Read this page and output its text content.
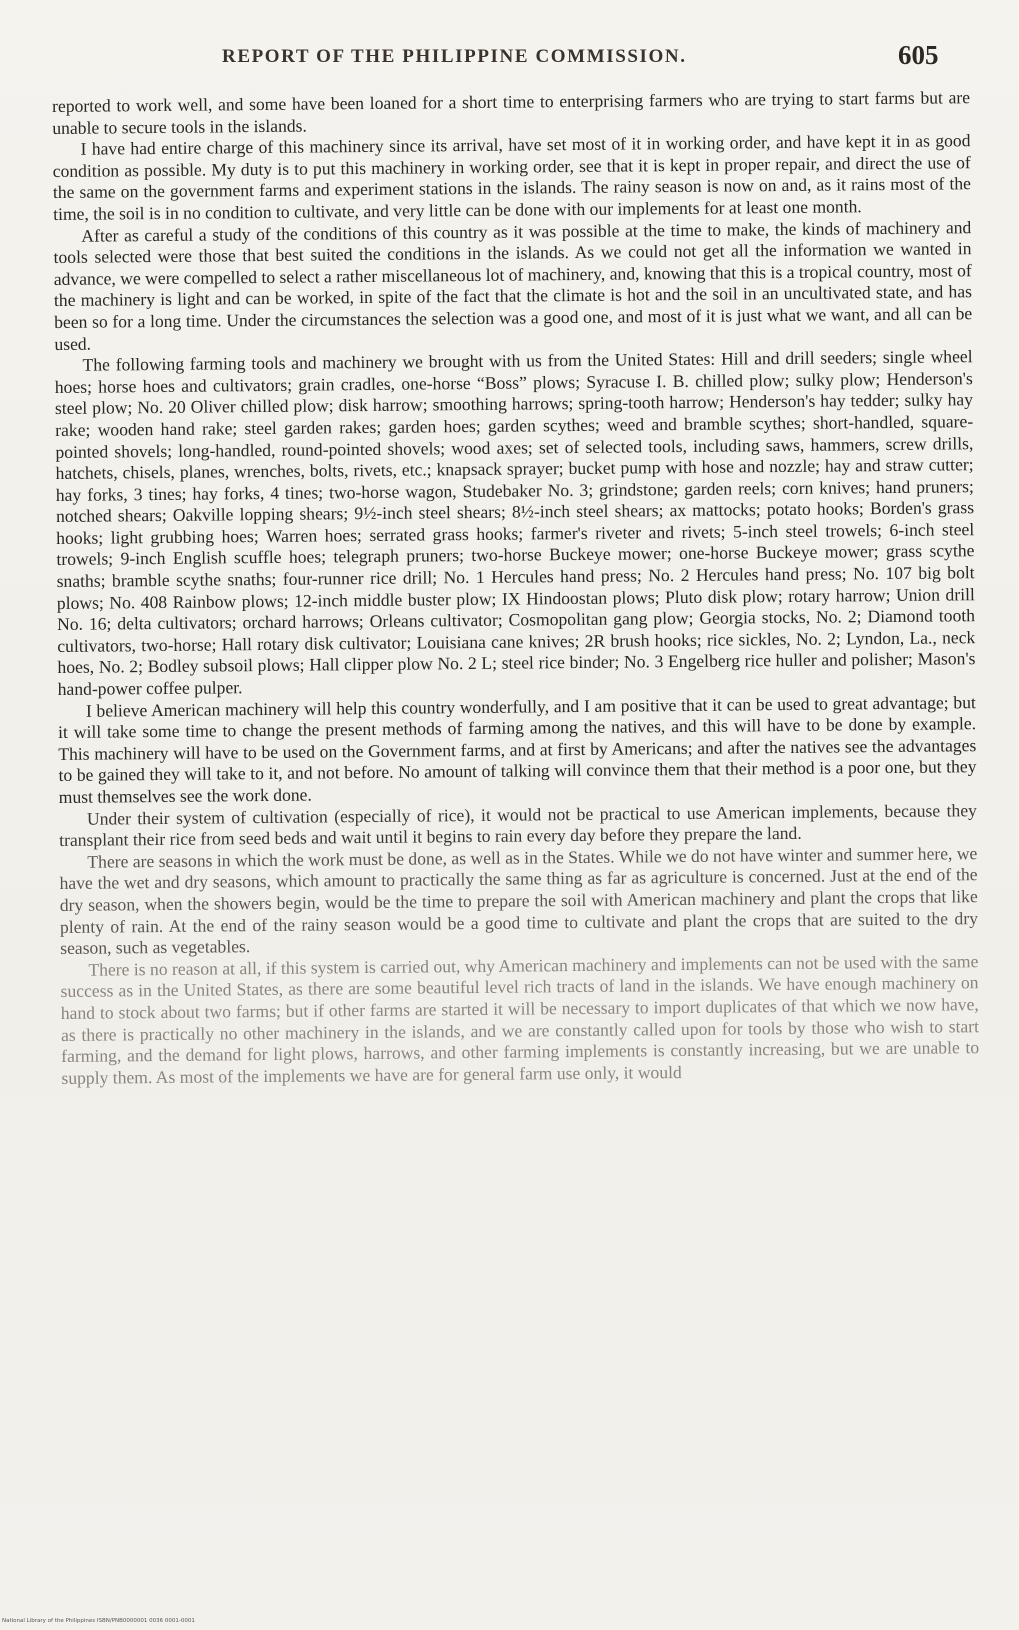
REPORT OF THE PHILIPPINE COMMISSION.	605

reported to work well, and some have been loaned for a short time to enterprising farmers who are trying to start farms but are unable to secure tools in the islands.

I have had entire charge of this machinery since its arrival, have set most of it in working order, and have kept it in as good condition as possible. My duty is to put this machinery in working order, see that it is kept in proper repair, and direct the use of the same on the government farms and experiment stations in the islands. The rainy season is now on and, as it rains most of the time, the soil is in no condition to cultivate, and very little can be done with our implements for at least one month.

After as careful a study of the conditions of this country as it was possible at the time to make, the kinds of machinery and tools selected were those that best suited the conditions in the islands. As we could not get all the information we wanted in advance, we were compelled to select a rather miscellaneous lot of machinery, and, knowing that this is a tropical country, most of the machinery is light and can be worked, in spite of the fact that the climate is hot and the soil in an uncultivated state, and has been so for a long time. Under the circumstances the selection was a good one, and most of it is just what we want, and all can be used.

The following farming tools and machinery we brought with us from the United States: Hill and drill seeders; single wheel hoes; horse hoes and cultivators; grain cradles, one-horse “Boss” plows; Syracuse I. B. chilled plow; sulky plow; Henderson's steel plow; No. 20 Oliver chilled plow; disk harrow; smoothing harrows; spring-tooth harrow; Henderson's hay tedder; sulky hay rake; wooden hand rake; steel garden rakes; garden hoes; garden scythes; weed and bramble scythes; short-handled, square-pointed shovels; long-handled, round-pointed shovels; wood axes; set of selected tools, including saws, hammers, screw drills, hatchets, chisels, planes, wrenches, bolts, rivets, etc.; knapsack sprayer; bucket pump with hose and nozzle; hay and straw cutter; hay forks, 3 tines; hay forks, 4 tines; two-horse wagon, Studebaker No. 3; grindstone; garden reels; corn knives; hand pruners; notched shears; Oakville lopping shears; 9½-inch steel shears; 8½-inch steel shears; ax mattocks; potato hooks; Borden's grass hooks; light grubbing hoes; Warren hoes; serrated grass hooks; farmer's riveter and rivets; 5-inch steel trowels; 6-inch steel trowels; 9-inch English scuffle hoes; telegraph pruners; two-horse Buckeye mower; one-horse Buckeye mower; grass scythe snaths; bramble scythe snaths; four-runner rice drill; No. 1 Hercules hand press; No. 2 Hercules hand press; No. 107 big bolt plows; No. 408 Rainbow plows; 12-inch middle buster plow; IX Hindoostan plows; Pluto disk plow; rotary harrow; Union drill No. 16; delta cultivators; orchard harrows; Orleans cultivator; Cosmopolitan gang plow; Georgia stocks, No. 2; Diamond tooth cultivators, two-horse; Hall rotary disk cultivator; Louisiana cane knives; 2R brush hooks; rice sickles, No. 2; Lyndon, La., neck hoes, No. 2; Bodley subsoil plows; Hall clipper plow No. 2 L; steel rice binder; No. 3 Engelberg rice huller and polisher; Mason's hand-power coffee pulper.

I believe American machinery will help this country wonderfully, and I am positive that it can be used to great advantage; but it will take some time to change the present methods of farming among the natives, and this will have to be done by example. This machinery will have to be used on the Government farms, and at first by Americans; and after the natives see the advantages to be gained they will take to it, and not before. No amount of talking will convince them that their method is a poor one, but they must themselves see the work done.

Under their system of cultivation (especially of rice), it would not be practical to use American implements, because they transplant their rice from seed beds and wait until it begins to rain every day before they prepare the land.

There are seasons in which the work must be done, as well as in the States. While we do not have winter and summer here, we have the wet and dry seasons, which amount to practically the same thing as far as agriculture is concerned. Just at the end of the dry season, when the showers begin, would be the time to prepare the soil with American machinery and plant the crops that like plenty of rain. At the end of the rainy season would be a good time to cultivate and plant the crops that are suited to the dry season, such as vegetables.

There is no reason at all, if this system is carried out, why American machinery and implements can not be used with the same success as in the United States, as there are some beautiful level rich tracts of land in the islands. We have enough machinery on hand to stock about two farms; but if other farms are started it will be necessary to import duplicates of that which we now have, as there is practically no other machinery in the islands, and we are constantly called upon for tools by those who wish to start farming, and the demand for light plows, harrows, and other farming implements is constantly increasing, but we are unable to supply them. As most of the implements we have are for general farm use only, it would

National Library of the Philippines ISBN/PNB0000001 0036 0001-0001
